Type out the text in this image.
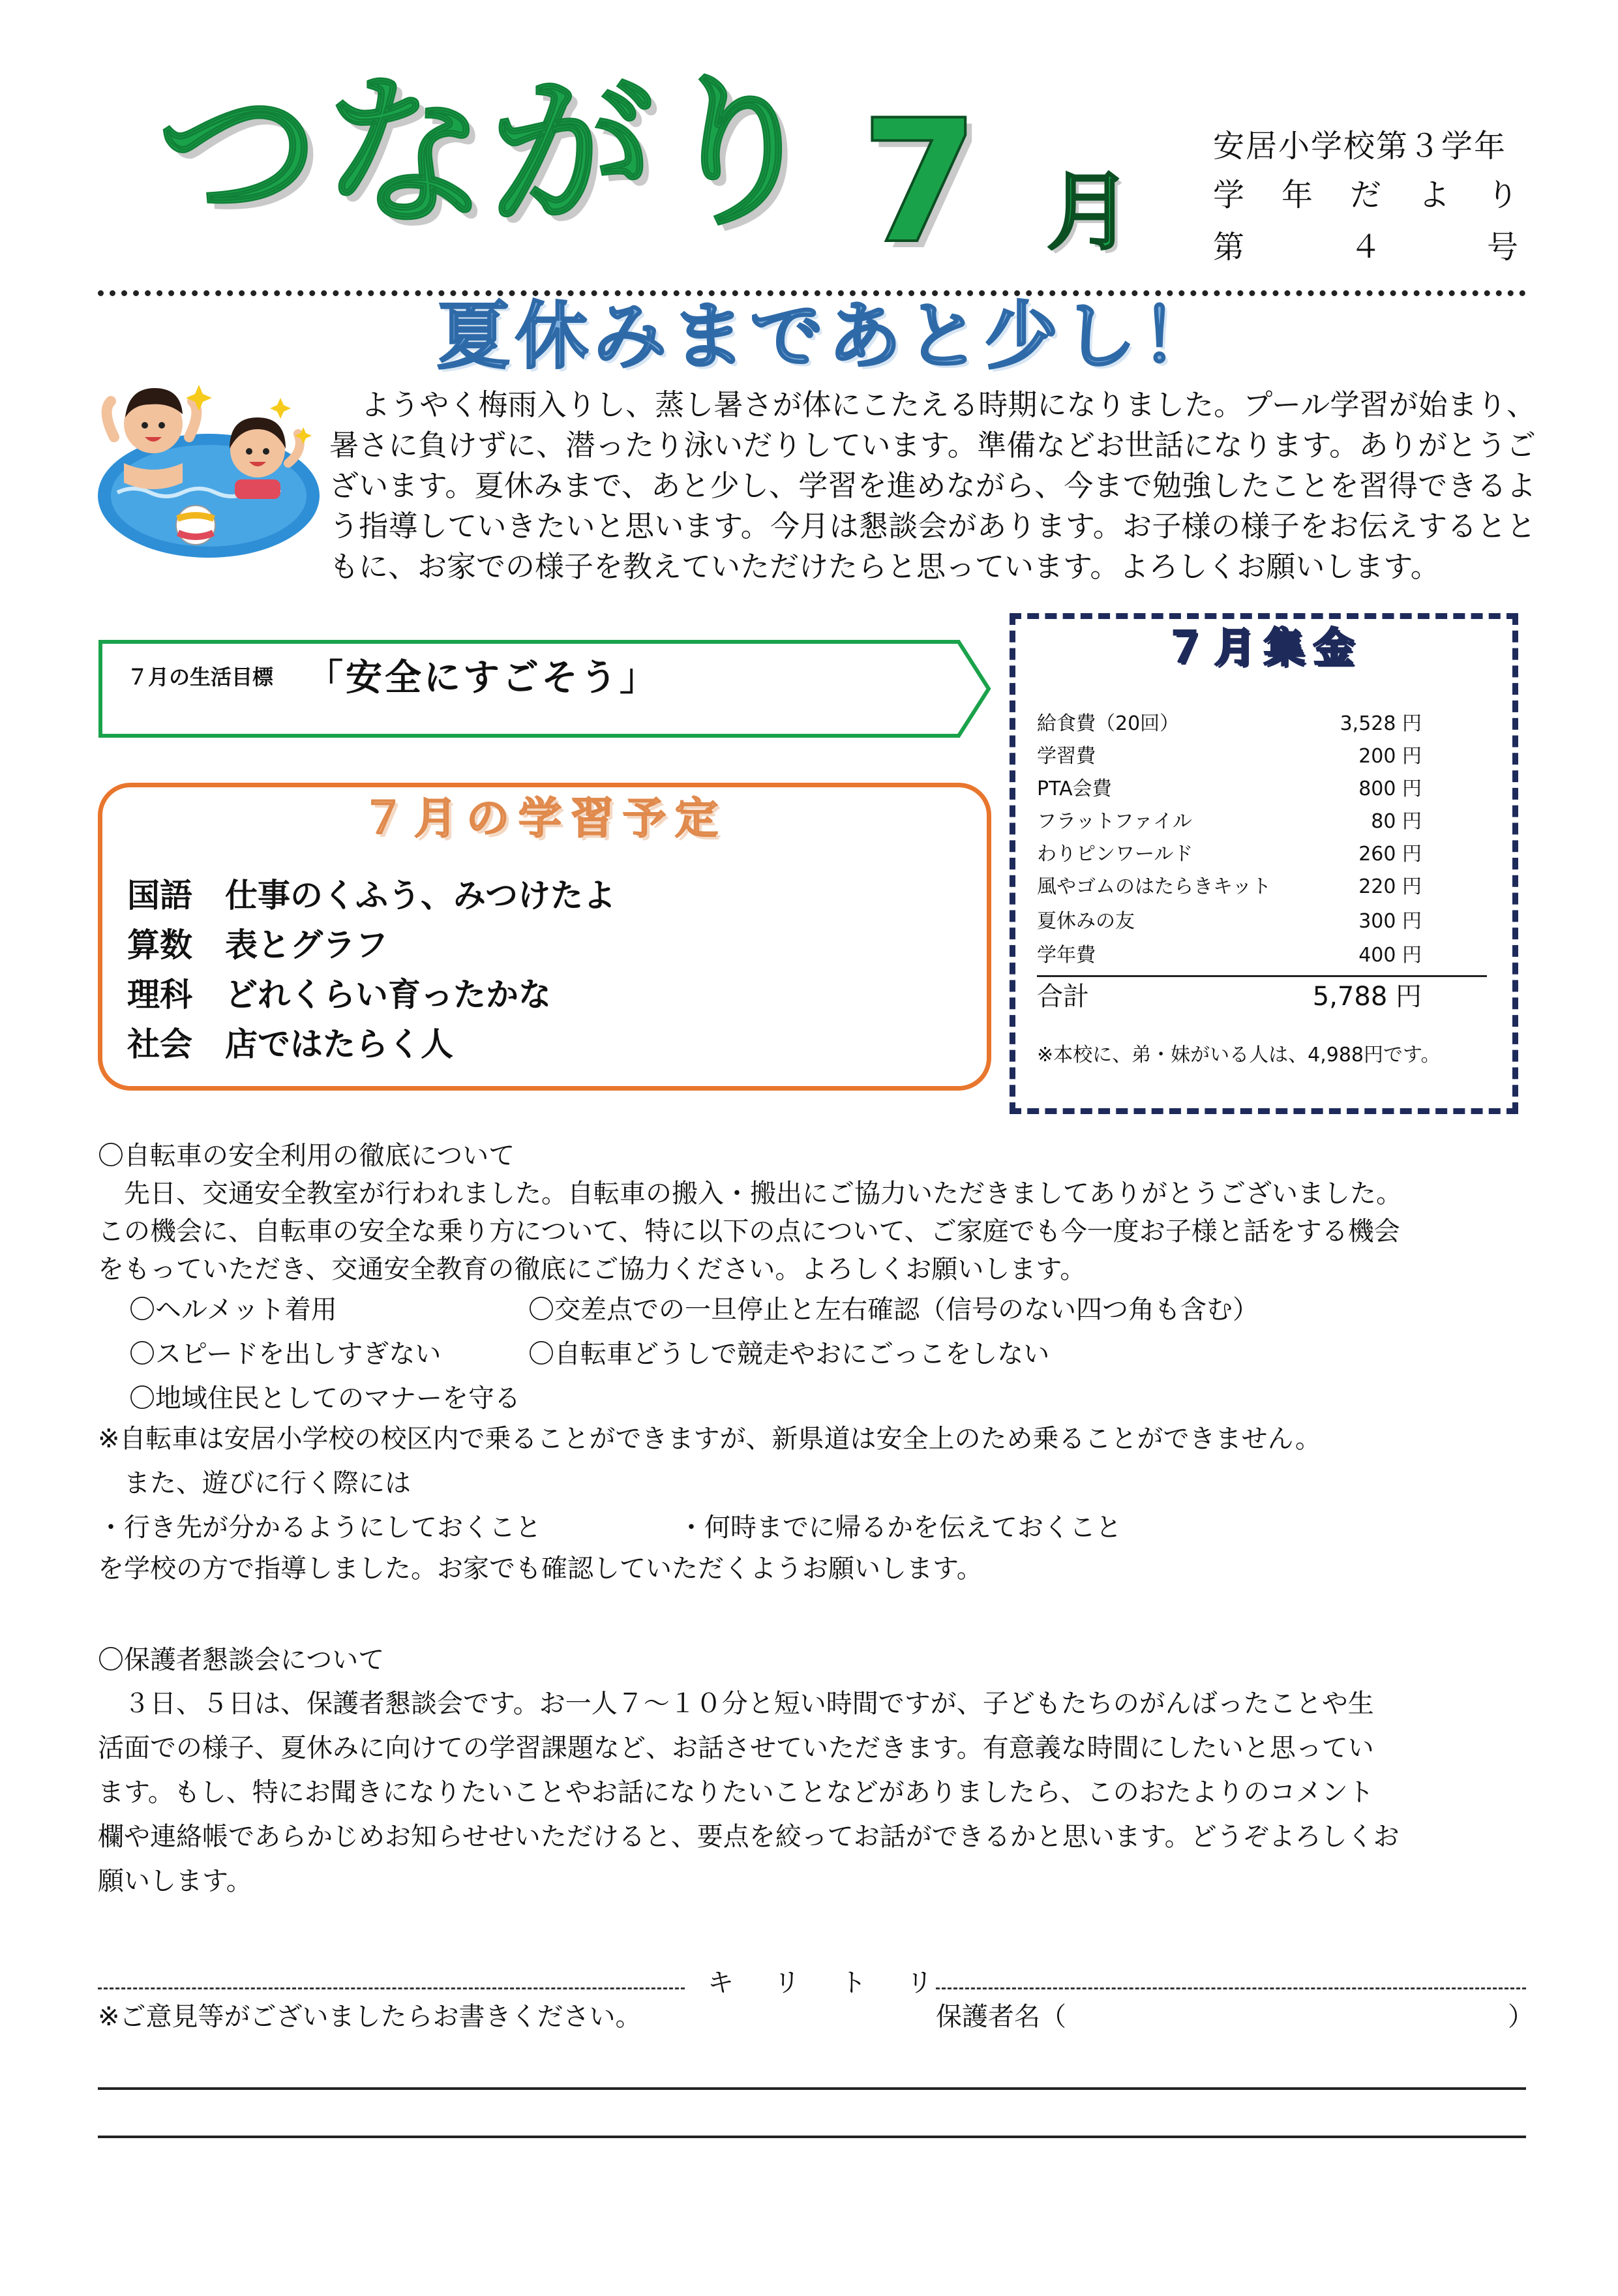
つながり 7 月
安居小学校第３学年
学 年 だ よ り
第	４	号
夏休みまであと少し！
ようやく梅雨入りし、蒸し暑さが体にこたえる時期になりました。プール学習が始まり、暑さに負けずに、潜ったり泳いだりしています。準備などお世話になります。ありがとうございます。夏休みまで、あと少し、学習を進めながら、今まで勉強したことを習得できるよう指導していきたいと思います。今月は懇談会があります。お子様の様子をお伝えするとともに、お家での様子を教えていただけたらと思っています。よろしくお願いします。
７月の生活目標 「安全にすごそう」
７月の学習予定
国語 仕事のくふう、みつけたよ
算数 表とグラフ
理科 どれくらい育ったかな
社会 店ではたらく人
７月集金
給食費（20回）	3,528 円
学習費	200 円
PTA会費	800 円
フラットファイル	80 円
わりピンワールド	260 円
風やゴムのはたらきキット	220 円
夏休みの友	300 円
学年費	400 円
合計	5,788 円
※本校に、弟・妹がいる人は、4,988円です。
〇自転車の安全利用の徹底について
　先日、交通安全教室が行われました。自転車の搬入・搬出にご協力いただきましてありがとうございました。
この機会に、自転車の安全な乗り方について、特に以下の点について、ご家庭でも今一度お子様と話をする機会
をもっていただき、交通安全教育の徹底にご協力ください。よろしくお願いします。
〇ヘルメット着用	〇交差点での一旦停止と左右確認（信号のない四つ角も含む）
〇スピードを出しすぎない	〇自転車どうしで競走やおにごっこをしない
〇地域住民としてのマナーを守る
※自転車は安居小学校の校区内で乗ることができますが、新県道は安全上のため乗ることができません。
　また、遊びに行く際には
・行き先が分かるようにしておくこと	・何時までに帰るかを伝えておくこと
を学校の方で指導しました。お家でも確認していただくようお願いします。
〇保護者懇談会について
　３日、５日は、保護者懇談会です。お一人７～１０分と短い時間ですが、子どもたちのがんばったことや生
活面での様子、夏休みに向けての学習課題など、お話させていただきます。有意義な時間にしたいと思ってい
ます。もし、特にお聞きになりたいことやお話になりたいことなどがありましたら、このおたよりのコメント
欄や連絡帳であらかじめお知らせせいただけると、要点を絞ってお話ができるかと思います。どうぞよろしくお
願いします。
キ リ ト リ
※ご意見等がございましたらお書きください。	保護者名（	）
